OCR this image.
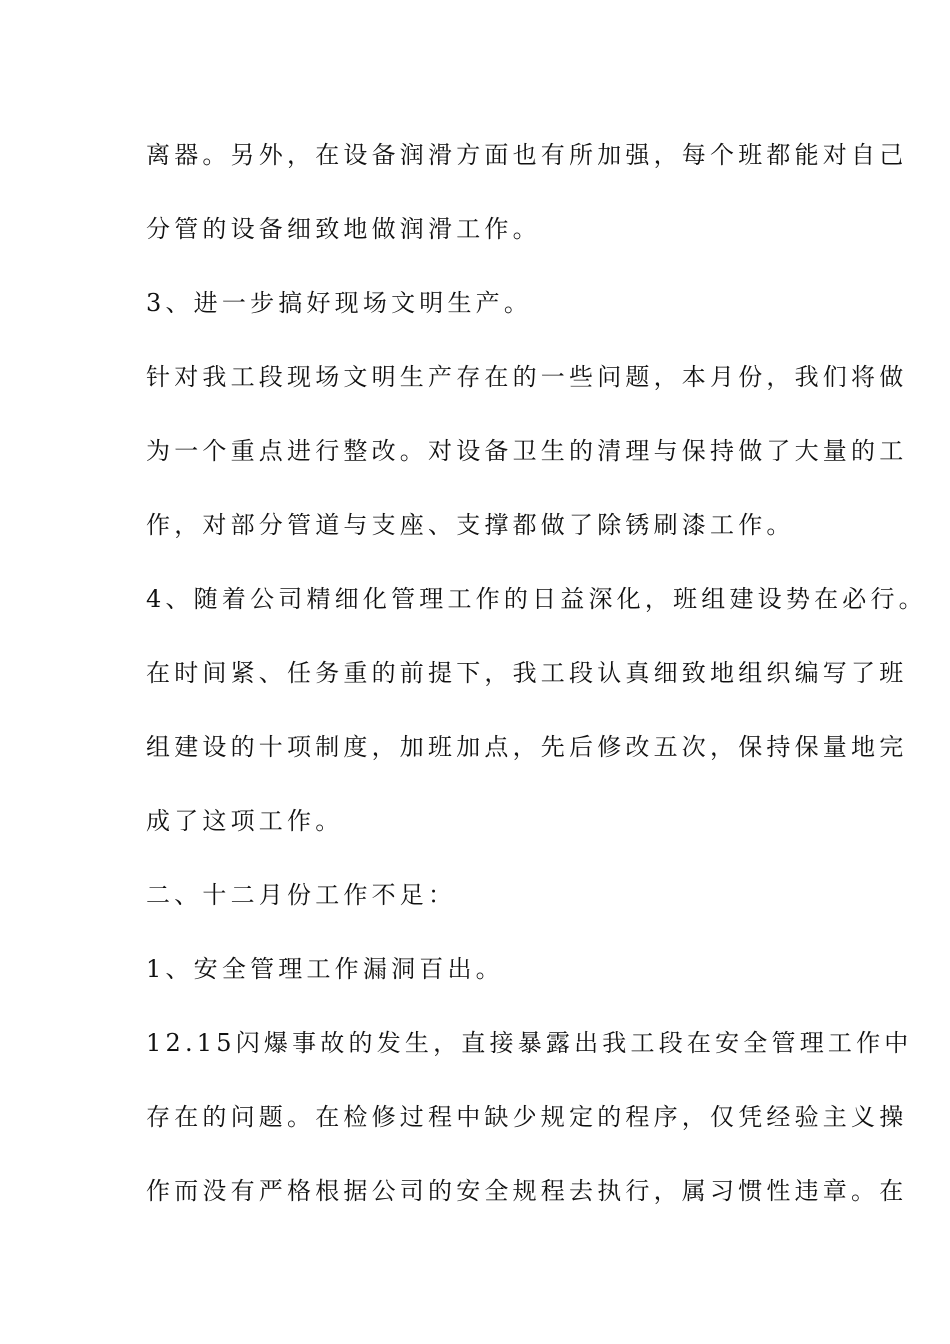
离器。另外，在设备润滑方面也有所加强，每个班都能对自己
分管的设备细致地做润滑工作。
3、进一步搞好现场文明生产。
针对我工段现场文明生产存在的一些问题，本月份，我们将做
为一个重点进行整改。对设备卫生的清理与保持做了大量的工
作，对部分管道与支座、支撑都做了除锈刷漆工作。
4、随着公司精细化管理工作的日益深化，班组建设势在必行。
在时间紧、任务重的前提下，我工段认真细致地组织编写了班
组建设的十项制度，加班加点，先后修改五次，保持保量地完
成了这项工作。
二、十二月份工作不足：
1、安全管理工作漏洞百出。
12.15闪爆事故的发生，直接暴露出我工段在安全管理工作中
存在的问题。在检修过程中缺少规定的程序，仅凭经验主义操
作而没有严格根据公司的安全规程去执行，属习惯性违章。在
